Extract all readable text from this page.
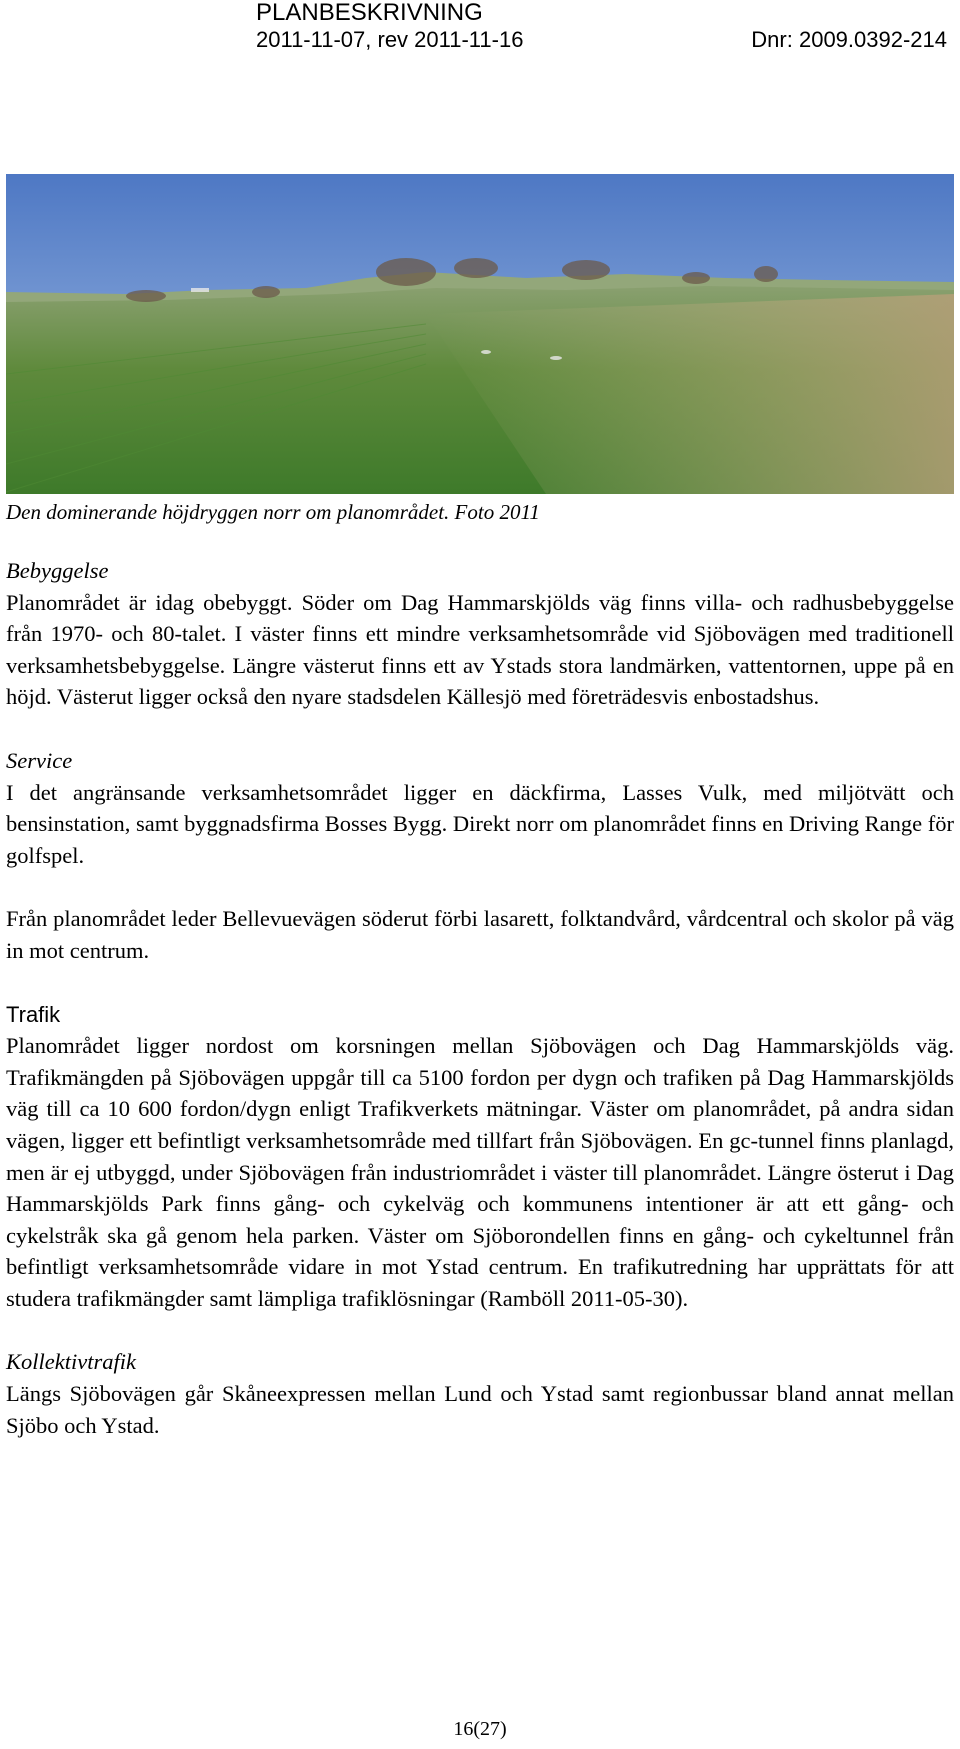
PLANBESKRIVNING
2011-11-07, rev 2011-11-16	Dnr: 2009.0392-214
Den dominerande höjdryggen norr om planområdet. Foto 2011
Bebyggelse

Planområdet är idag obebyggt. Söder om Dag Hammarskjölds väg finns villa- och radhusbebyggelse från 1970- och 80-talet. I väster finns ett mindre verksamhetsområde vid Sjöbovägen med traditionell verksamhetsbebyggelse. Längre västerut finns ett av Ystads stora landmärken, vattentornen, uppe på en höjd. Västerut ligger också den nyare stadsdelen Källesjö med företrädesvis enbostadshus.

Service

I det angränsande verksamhetsområdet ligger en däckfirma, Lasses Vulk, med miljötvätt och bensinstation, samt byggnadsfirma Bosses Bygg. Direkt norr om planområdet finns en Driving Range för golfspel.

Från planområdet leder Bellevuevägen söderut förbi lasarett, folktandvård, vårdcentral och skolor på väg in mot centrum.

Trafik

Planområdet ligger nordost om korsningen mellan Sjöbovägen och Dag Hammarskjölds väg. Trafikmängden på Sjöbovägen uppgår till ca 5100 fordon per dygn och trafiken på Dag Hammarskjölds väg till ca 10 600 fordon/dygn enligt Trafikverkets mätningar. Väster om planområdet, på andra sidan vägen, ligger ett befintligt verksamhetsområde med tillfart från Sjöbovägen. En gc-tunnel finns planlagd, men är ej utbyggd, under Sjöbovägen från industriområdet i väster till planområdet. Längre österut i Dag Hammarskjölds Park finns gång- och cykelväg och kommunens intentioner är att ett gång- och cykelstråk ska gå genom hela parken. Väster om Sjöborondellen finns en gång- och cykeltunnel från befintligt verksamhetsområde vidare in mot Ystad centrum. En trafikutredning har upprättats för att studera trafikmängder samt lämpliga trafiklösningar (Ramböll 2011-05-30).

Kollektivtrafik

Längs Sjöbovägen går Skåneexpressen mellan Lund och Ystad samt regionbussar bland annat mellan Sjöbo och Ystad.

16(27)
